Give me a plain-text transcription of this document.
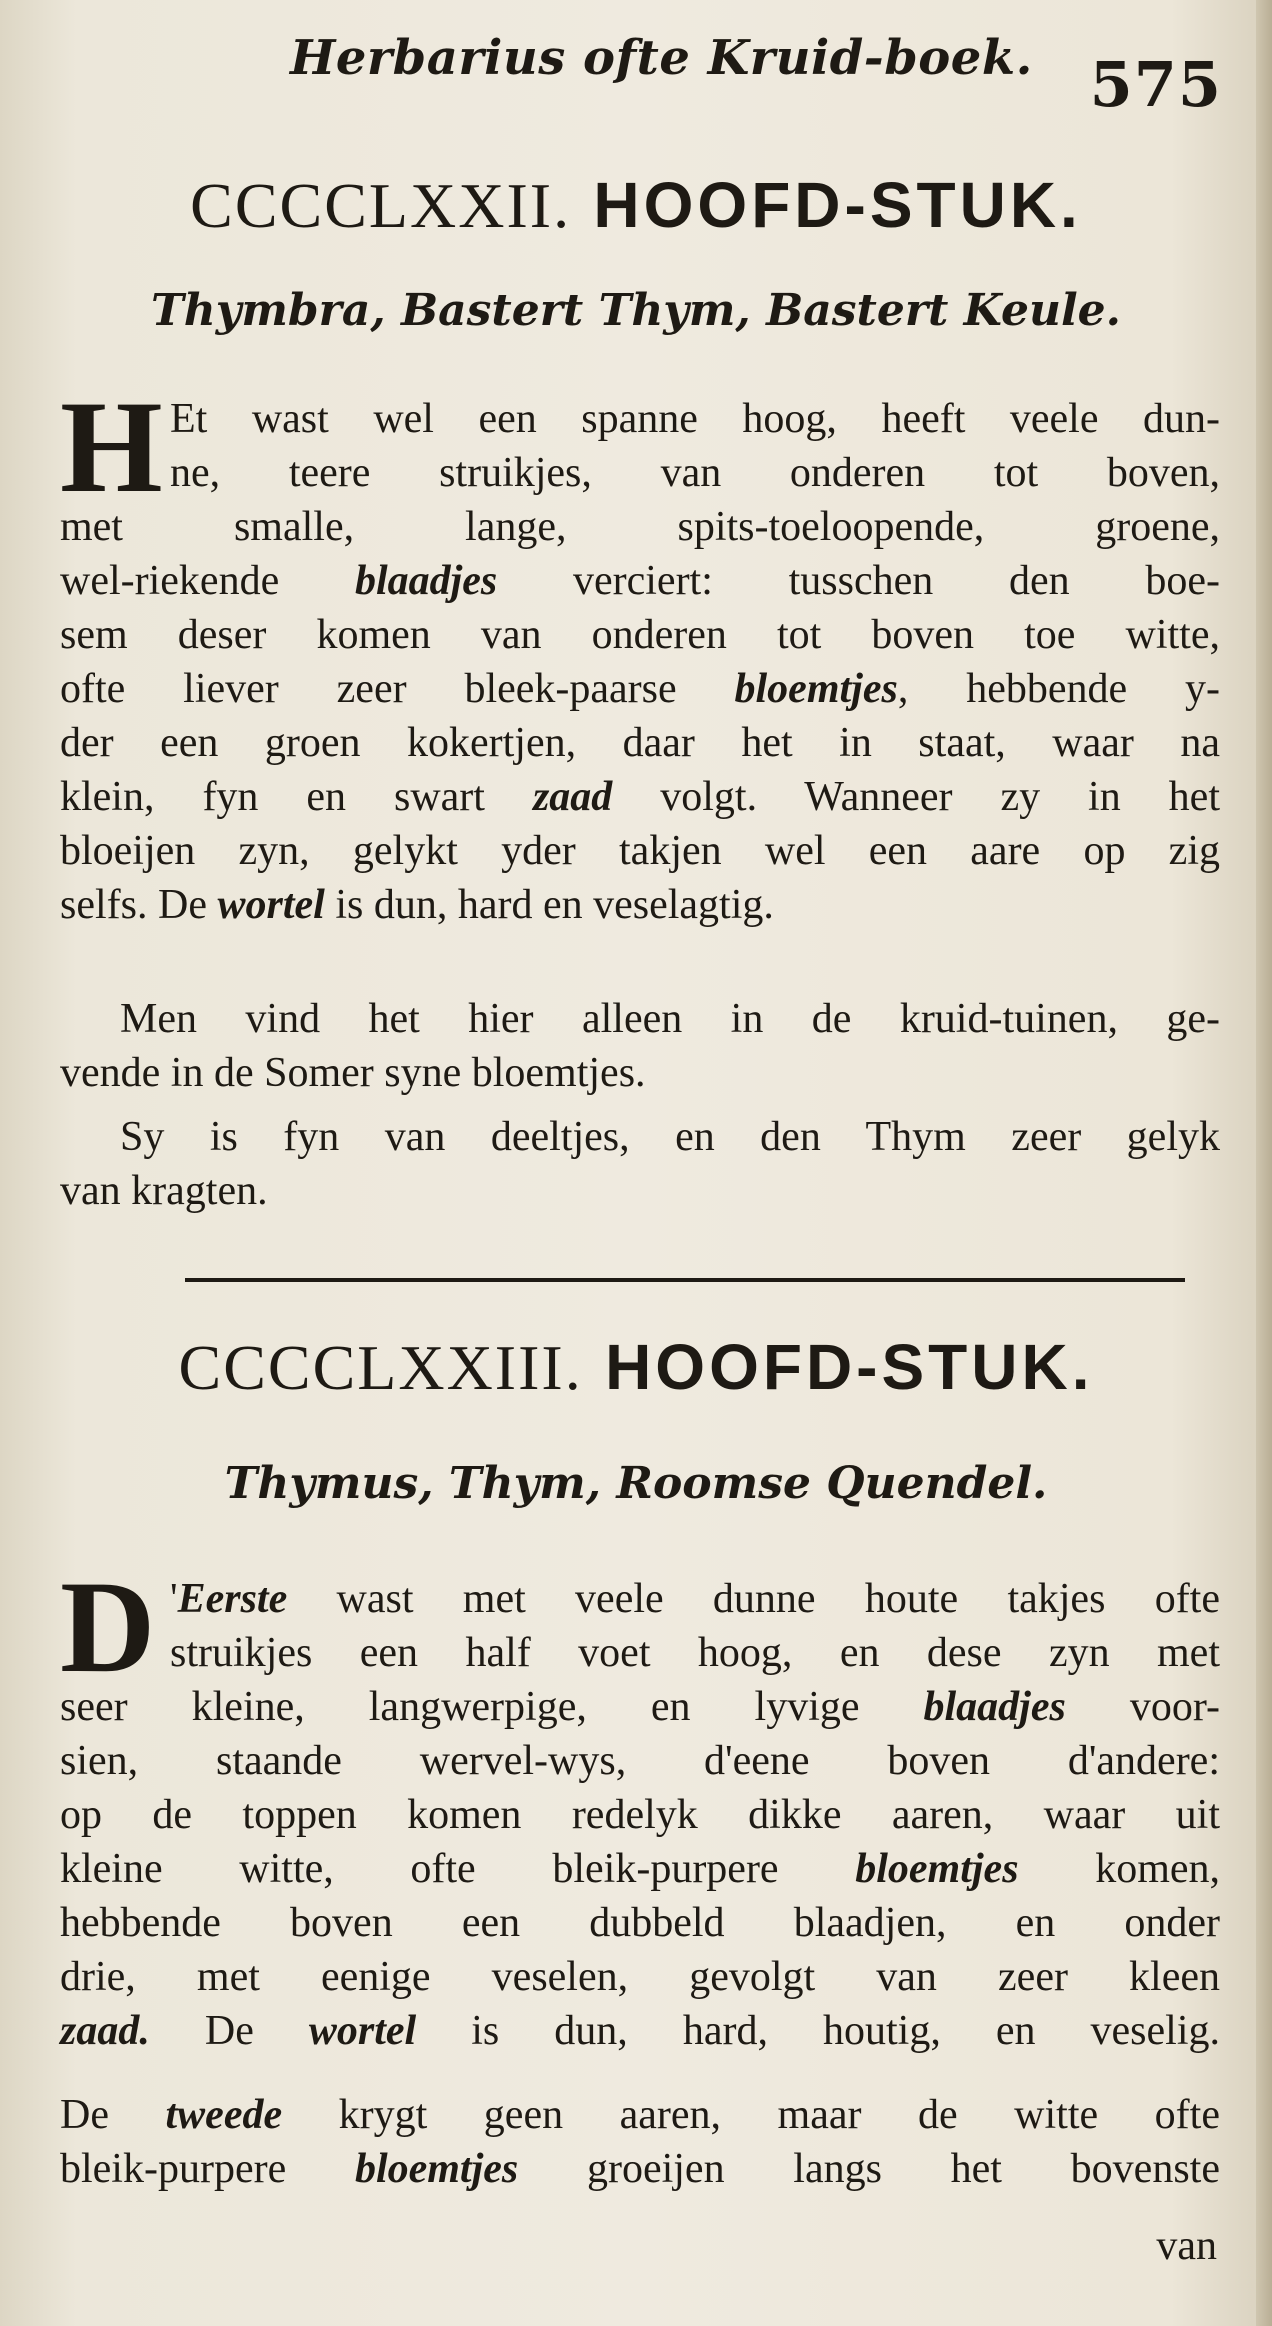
Herbarius ofte Kruid-boek. 575
CCCCLXXII. HOOFD-STUK.
Thymbra, Bastert Thym, Bastert Keule.
H Et wast wel een spanne hoog, heeft veele dun-
ne, teere struikjes, van onderen tot boven,
met smalle, lange, spits-toeloopende, groene,
wel-riekende blaadjes verciert: tusschen den boe-
sem deser komen van onderen tot boven toe witte,
ofte liever zeer bleek-paarse bloemtjes, hebbende y-
der een groen kokertjen, daar het in staat, waar na
klein, fyn en swart zaad volgt. Wanneer zy in het
bloeijen zyn, gelykt yder takjen wel een aare op zig
selfs. De wortel is dun, hard en veselagtig.
Men vind het hier alleen in de kruid-tuinen, ge-
vende in de Somer syne bloemtjes.
Sy is fyn van deeltjes, en den Thym zeer gelyk
van kragten.
CCCCLXXIII. HOOFD-STUK.
Thymus, Thym, Roomse Quendel.
D 'Eerste wast met veele dunne houte takjes ofte
struikjes een half voet hoog, en dese zyn met
seer kleine, langwerpige, en lyvige blaadjes voor-
sien, staande wervel-wys, d'eene boven d'andere:
op de toppen komen redelyk dikke aaren, waar uit
kleine witte, ofte bleik-purpere bloemtjes komen,
hebbende boven een dubbeld blaadjen, en onder
drie, met eenige veselen, gevolgt van zeer kleen
zaad. De wortel is dun, hard, houtig, en veselig.
De tweede krygt geen aaren, maar de witte ofte
bleik-purpere bloemtjes groeijen langs het bovenste
van
